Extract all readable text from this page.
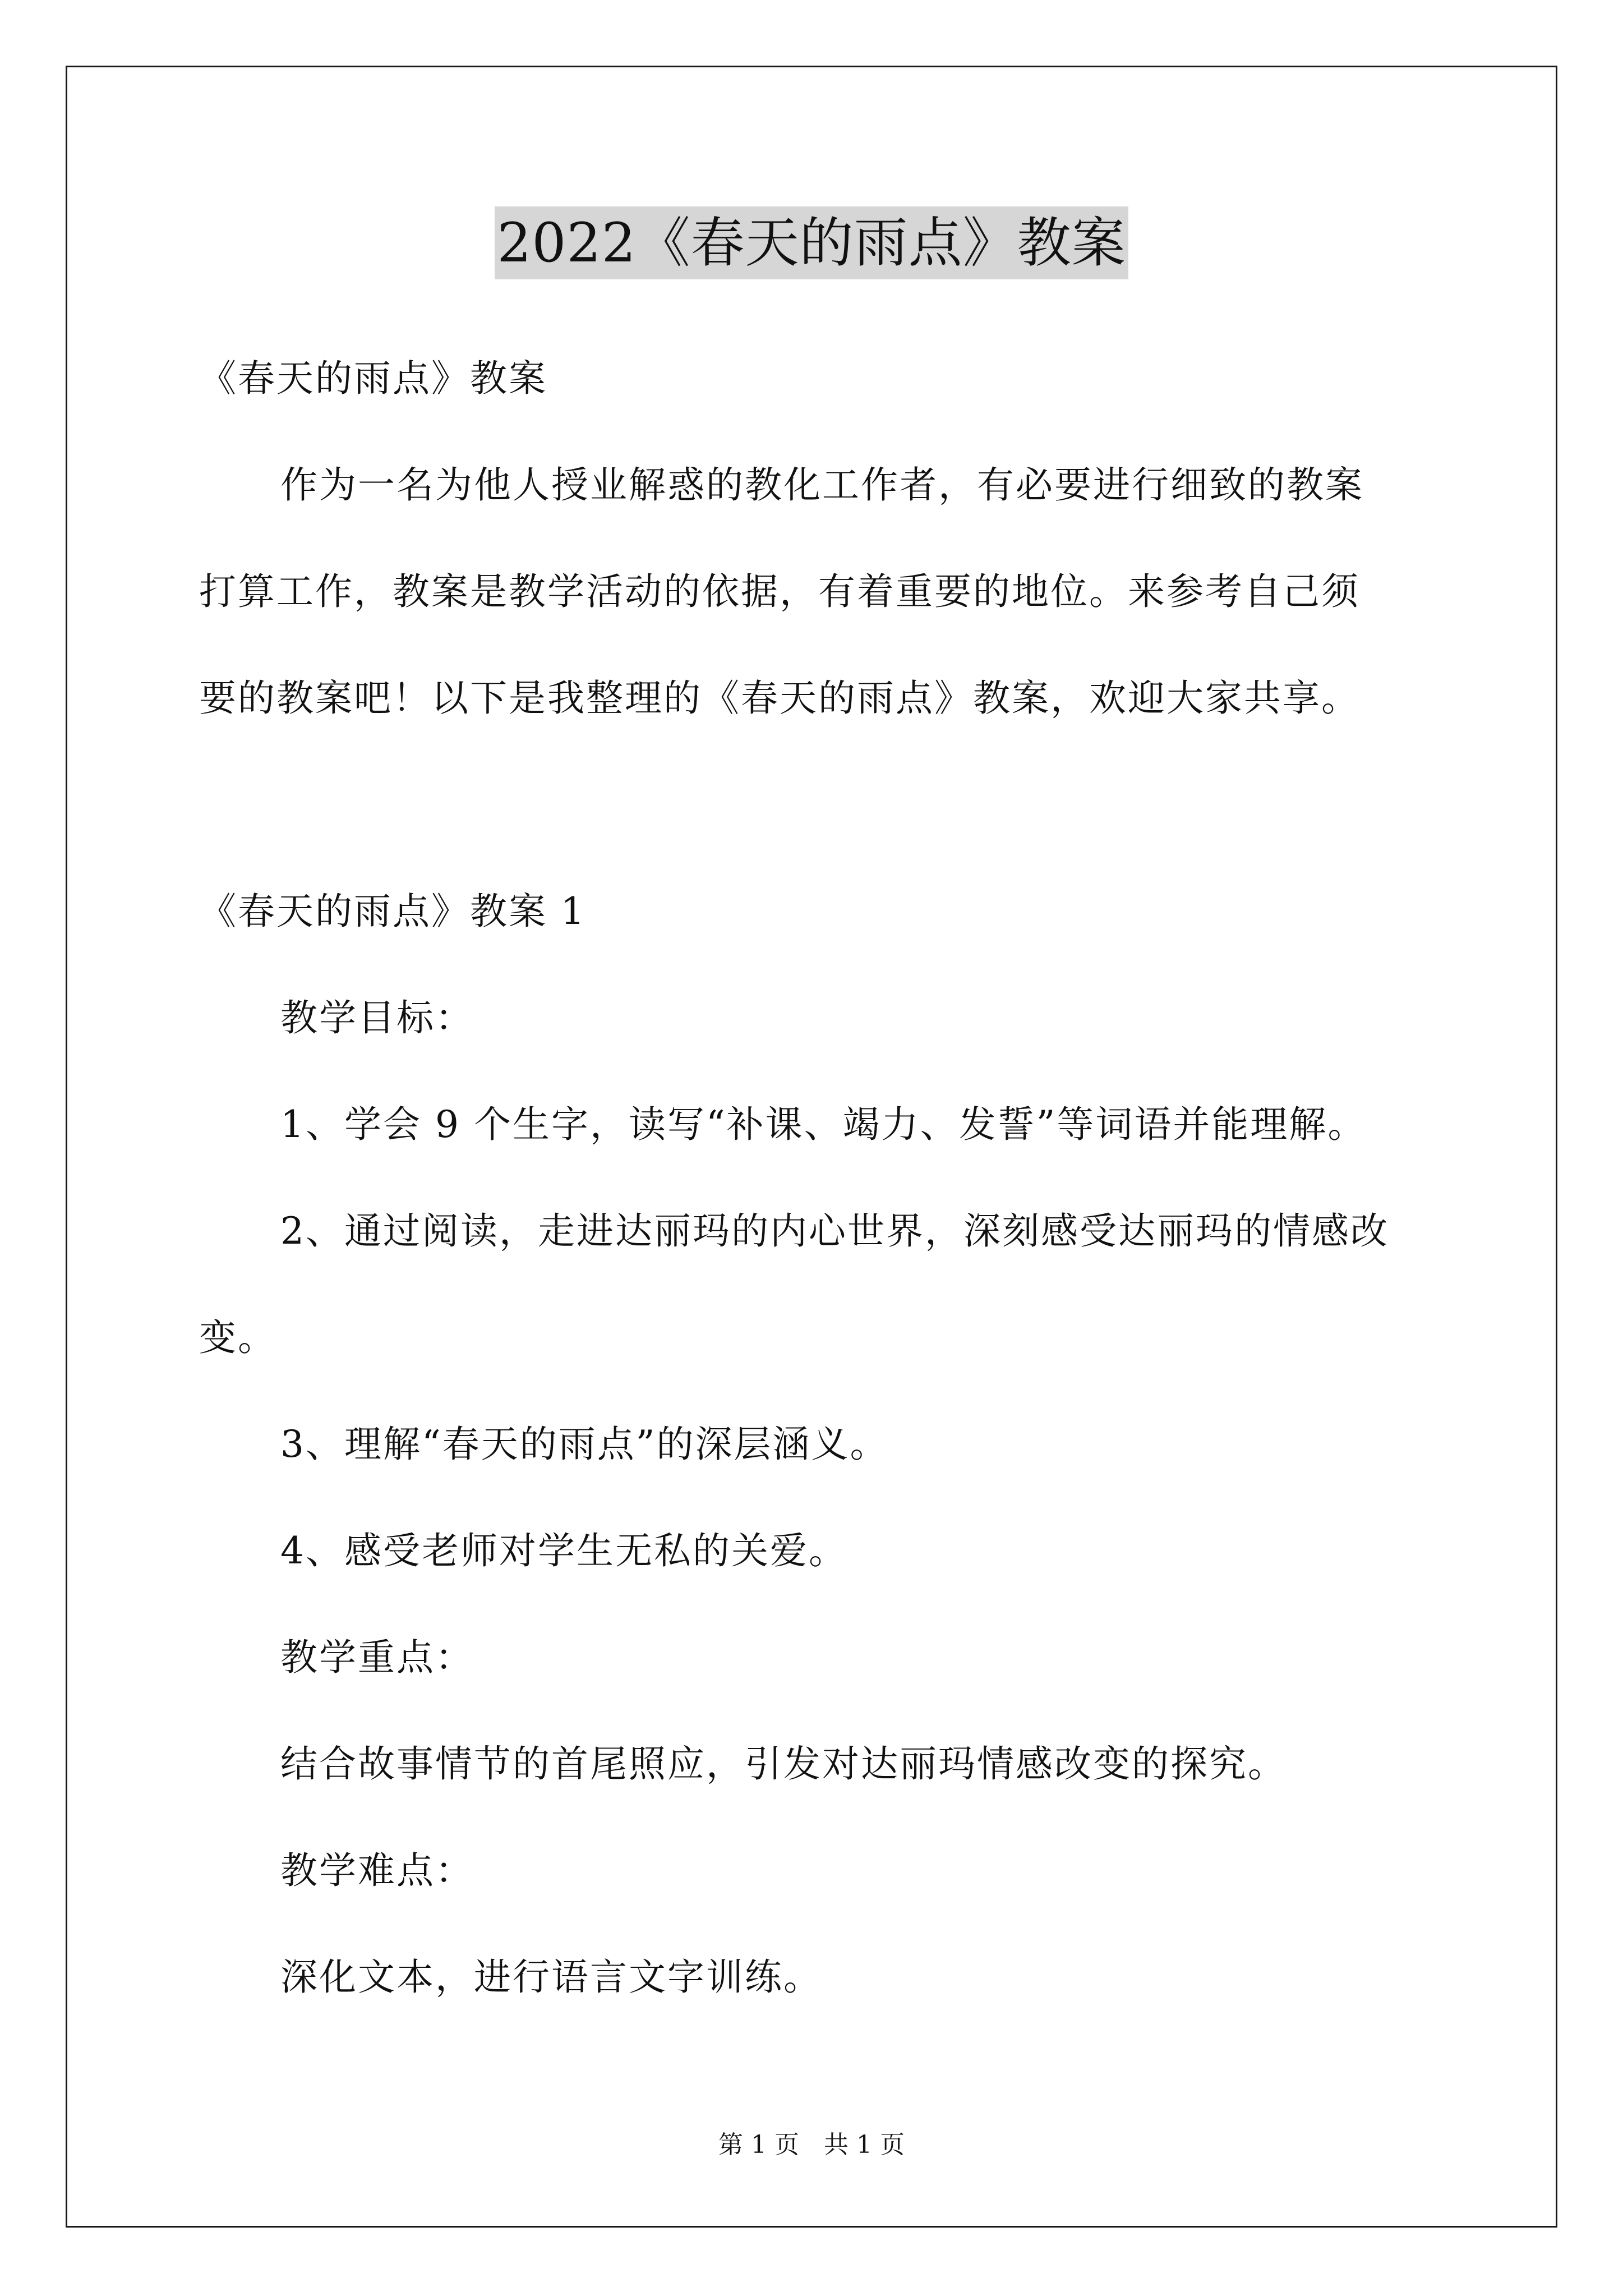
2022《春天的雨点》教案
《春天的雨点》教案
作为一名为他人授业解惑的教化工作者，有必要进行细致的教案
打算工作，教案是教学活动的依据，有着重要的地位。来参考自己须
要的教案吧！以下是我整理的《春天的雨点》教案，欢迎大家共享。
《春天的雨点》教案 1
教学目标：
1、学会 9 个生字，读写“补课、竭力、发誓”等词语并能理解。
2、通过阅读，走进达丽玛的内心世界，深刻感受达丽玛的情感改
变。
3、理解“春天的雨点”的深层涵义。
4、感受老师对学生无私的关爱。
教学重点：
结合故事情节的首尾照应，引发对达丽玛情感改变的探究。
教学难点：
深化文本，进行语言文字训练。
第 1 页　共 1 页
